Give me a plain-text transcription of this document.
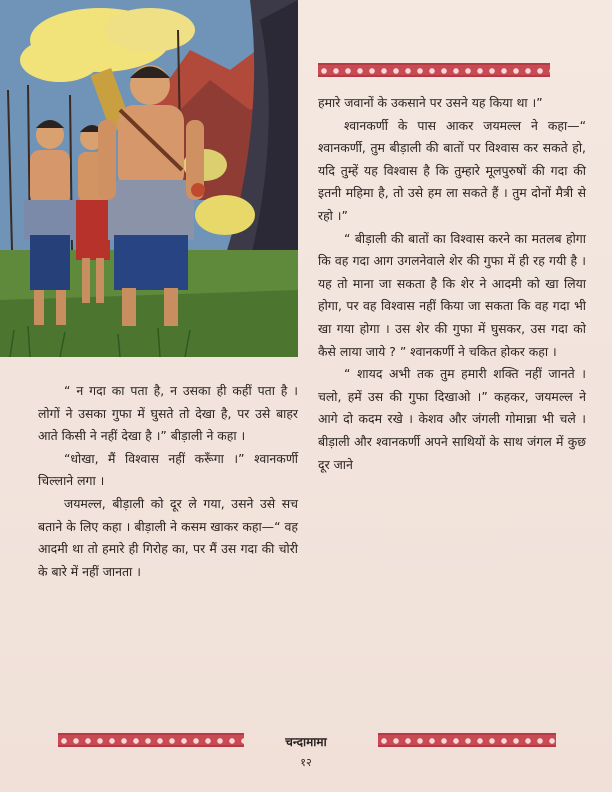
हमारे जवानों के उकसाने पर उसने यह किया था ।”

श्वानकर्णी के पास आकर जयमल्ल ने कहा—“ श्वानकर्णी, तुम बीड़ाली की बातों पर विश्वास कर सकते हो, यदि तुम्हें यह विश्वास है कि तुम्हारे मूलपुरुषों की गदा की इतनी महिमा है, तो उसे हम ला सकते हैं । तुम दोनों मैत्री से रहो ।”

“ बीड़ाली की बातों का विश्वास करने का मतलब होगा कि वह गदा आग उगलनेवाले शेर की गुफा में ही रह गयी है । यह तो माना जा सकता है कि शेर ने आदमी को खा लिया होगा, पर वह विश्वास नहीं किया जा सकता कि वह गदा भी खा गया होगा । उस शेर की गुफा में घुसकर, उस गदा को कैसे लाया जाये ? ” श्वानकर्णी ने चकित होकर कहा ।

“ शायद अभी तक तुम हमारी शक्ति नहीं जानते । चलो, हमें उस की गुफा दिखाओ ।” कहकर, जयमल्ल ने आगे दो कदम रखे । केशव और जंगली गोमान्ना भी चले । बीड़ाली और श्वानकर्णी अपने साथियों के साथ जंगल में कुछ दूर जाने

“ न गदा का पता है, न उसका ही कहीं पता है । लोगों ने उसका गुफा में घुसते तो देखा है, पर उसे बाहर आते किसी ने नहीं देखा है ।” बीड़ाली ने कहा ।

“धोखा, मैं विश्वास नहीं करूँगा ।” श्वानकर्णी चिल्लाने लगा ।

जयमल्ल, बीड़ाली को दूर ले गया, उसने उसे सच बताने के लिए कहा । बीड़ाली ने कसम खाकर कहा—“ वह आदमी था तो हमारे ही गिरोह का, पर मैं उस गदा की चोरी के बारे में नहीं जानता ।

चन्दामामा
१२
